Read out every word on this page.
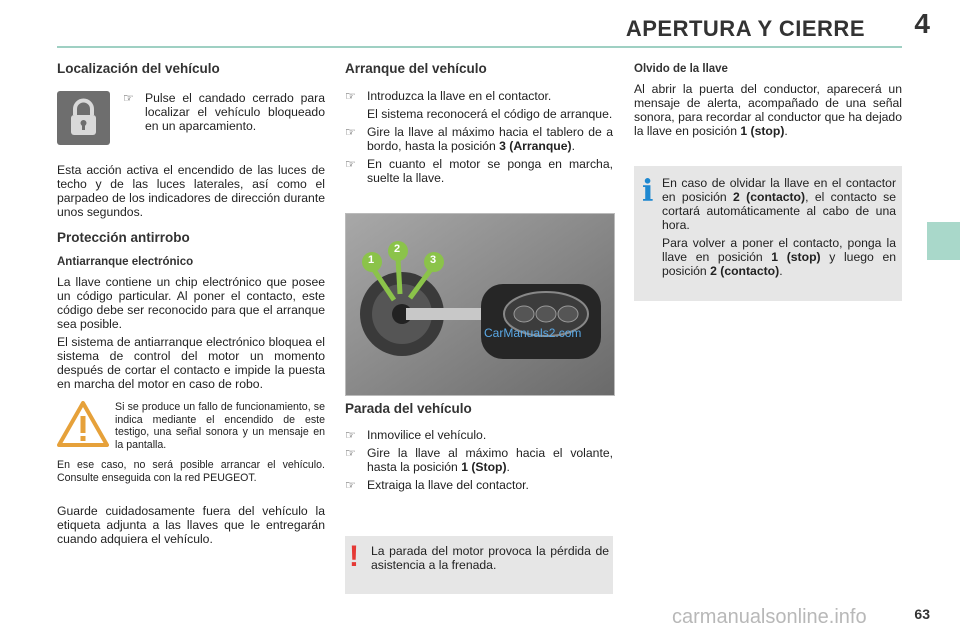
APERTURA Y CIERRE 4
Localización del vehículo
☞ Pulse el candado cerrado para localizar el vehículo bloqueado en un aparcamiento.

Esta acción activa el encendido de las luces de techo y de las luces laterales, así como el parpadeo de los indicadores de dirección durante unos segundos.

Protección antirrobo
Antiarranque electrónico

La llave contiene un chip electrónico que posee un código particular. Al poner el contacto, este código debe ser reconocido para que el arranque sea posible.

El sistema de antiarranque electrónico bloquea el sistema de control del motor un momento después de cortar el contacto e impide la puesta en marcha del motor en caso de robo.

Si se produce un fallo de funcionamiento, se indica mediante el encendido de este testigo, una señal sonora y un mensaje en la pantalla.

En ese caso, no será posible arrancar el vehículo. Consulte enseguida con la red PEUGEOT.

Guarde cuidadosamente fuera del vehículo la etiqueta adjunta a las llaves que le entregarán cuando adquiera el vehículo.

Arranque del vehículo
☞ Introduzca la llave en el contactor.

El sistema reconocerá el código de arranque.

☞ Gire la llave al máximo hacia el tablero de a bordo, hasta la posición 3 (Arranque).
☞ En cuanto el motor se ponga en marcha, suelte la llave.
1
2
3
CarManuals2.com
Parada del vehículo
☞ Inmovilice el vehículo.
☞ Gire la llave al máximo hacia el volante, hasta la posición 1 (Stop).
☞ Extraiga la llave del contactor.
! La parada del motor provoca la pérdida de asistencia a la frenada.

Olvido de la llave

Al abrir la puerta del conductor, aparecerá un mensaje de alerta, acompañado de una señal sonora, para recordar al conductor que ha dejado la llave en posición 1 (stop).

i En caso de olvidar la llave en el contactor en posición 2 (contacto), el contacto se cortará automáticamente al cabo de una hora.

Para volver a poner el contacto, ponga la llave en posición 1 (stop) y luego en posición 2 (contacto).

carmanualsonline.info	63
